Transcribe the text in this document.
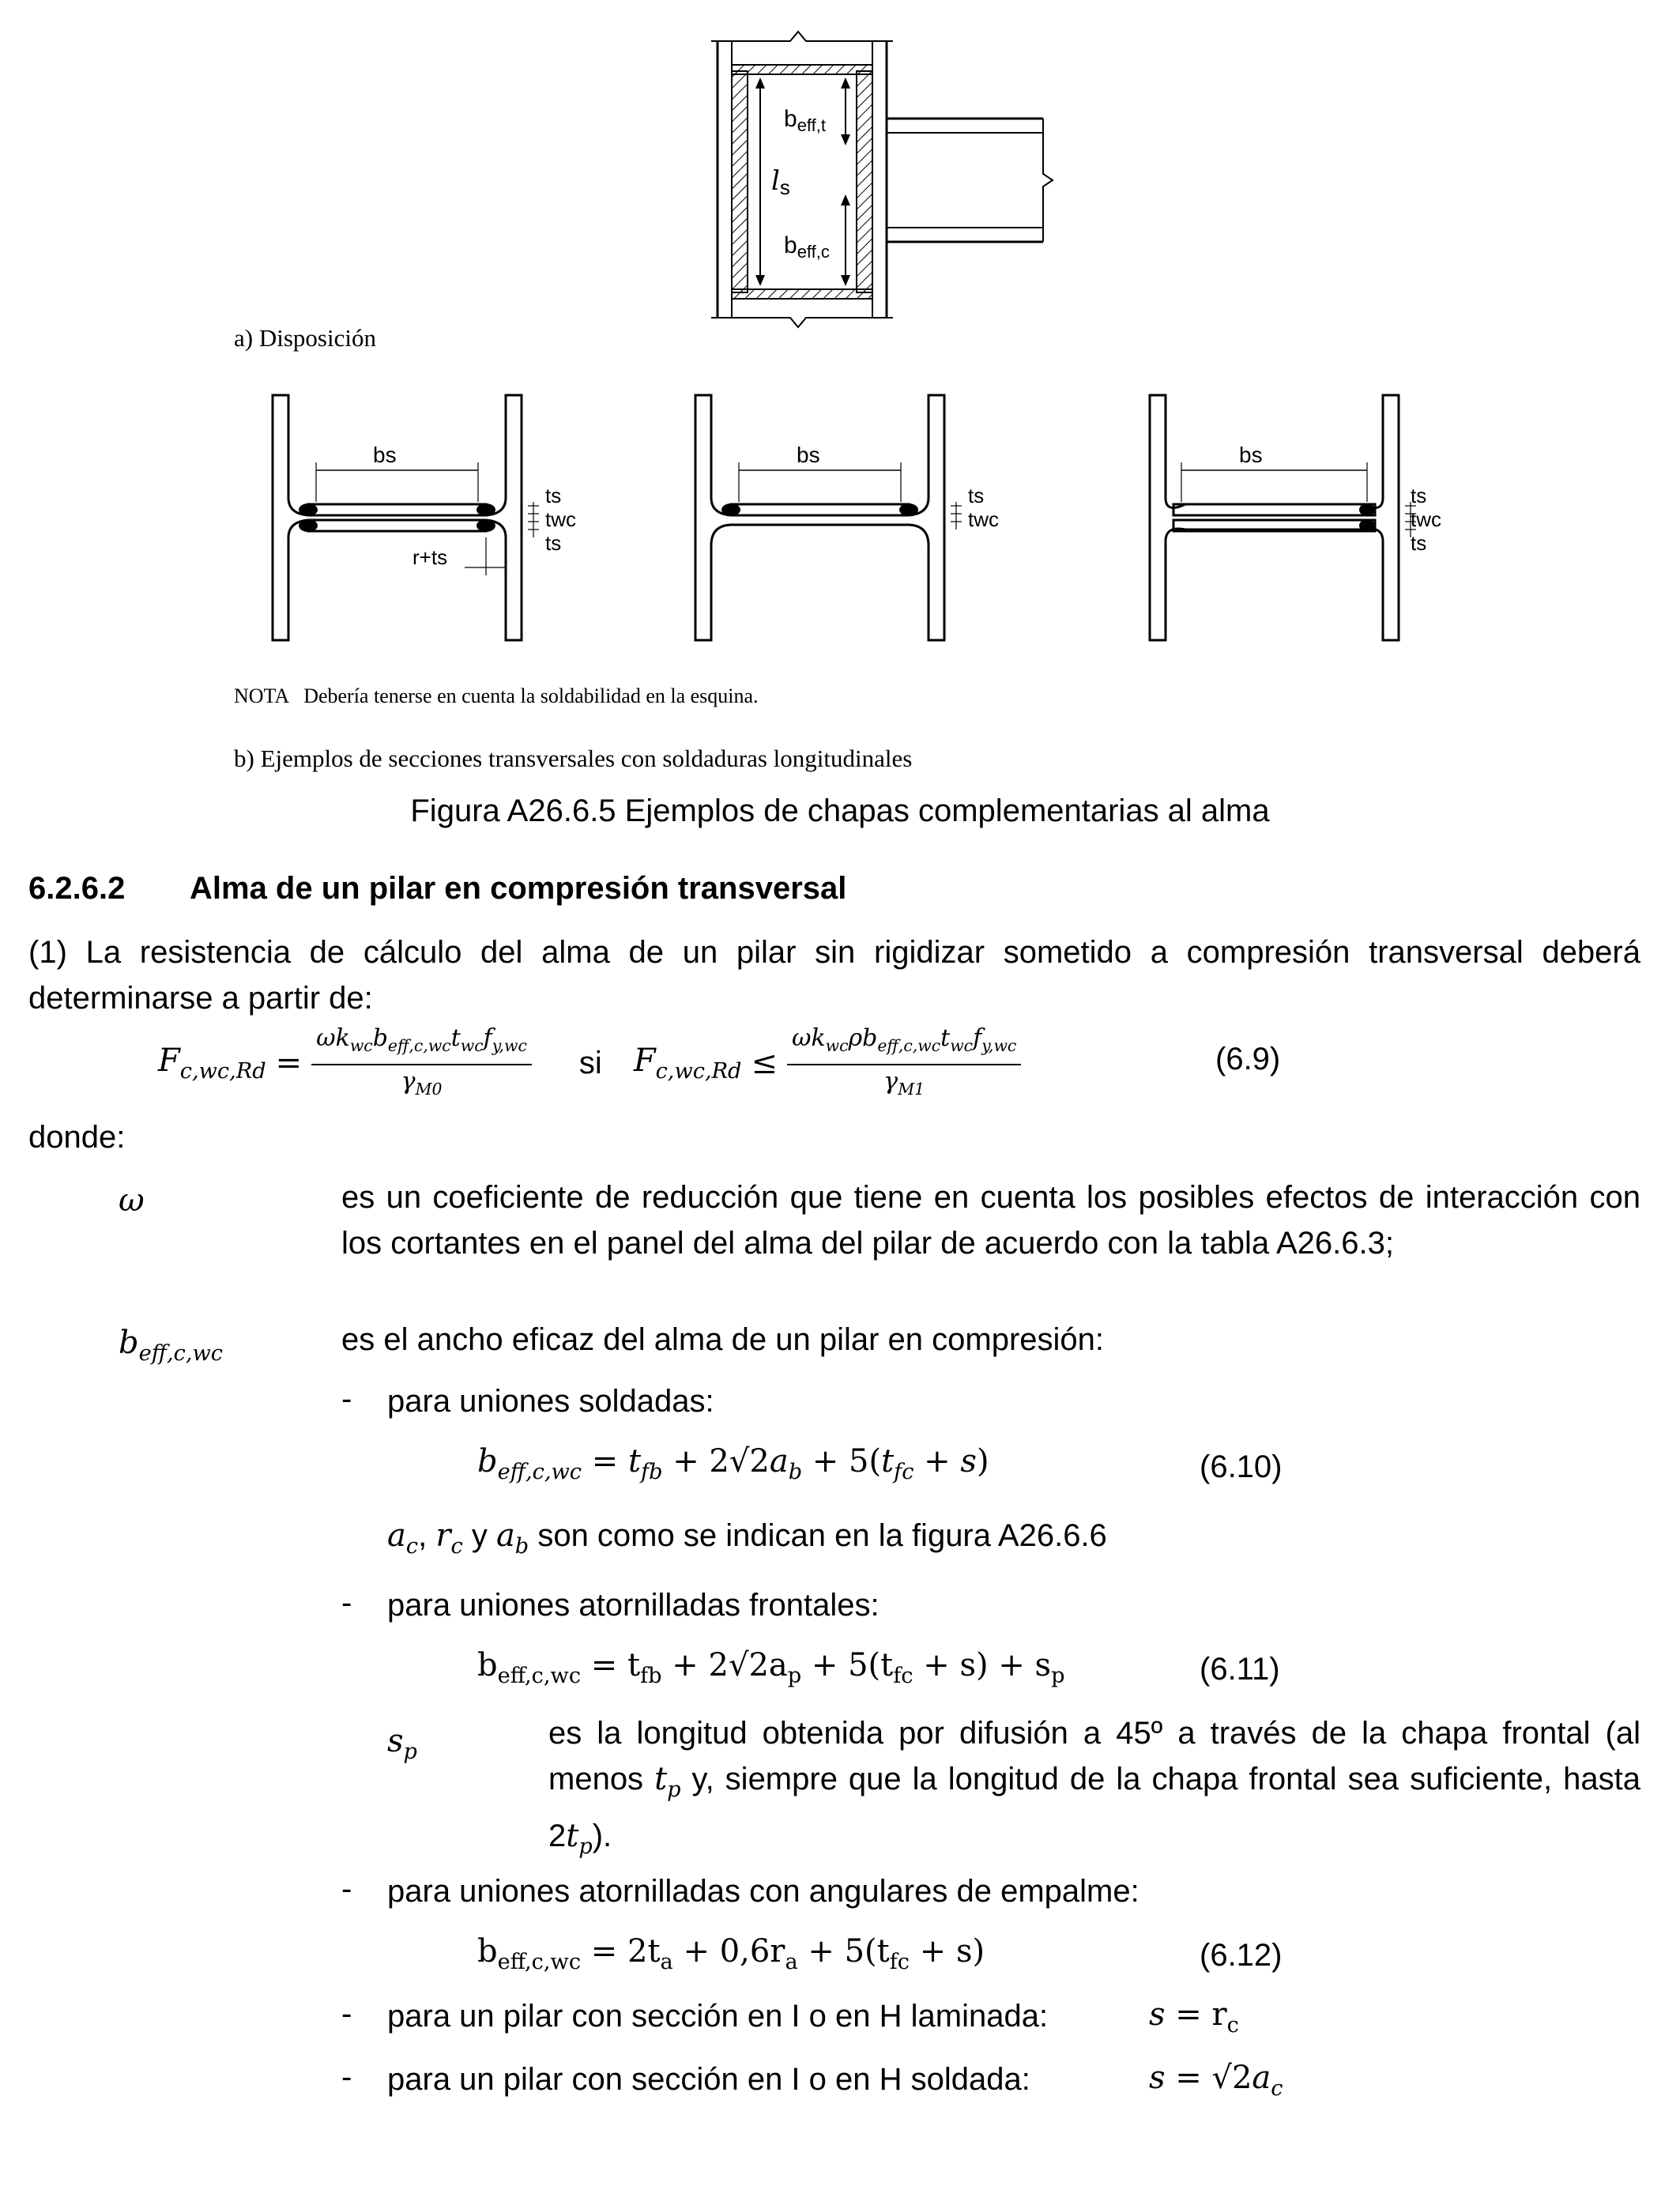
$b_{eff,t}$
ls
$b_{eff,c}$
a) Disposición
bs
ts
twc
ts
r+ts
bs
ts
twc
bs
ts
twc
ts
NOTA   Debería tenerse en cuenta la soldabilidad en la esquina.
b) Ejemplos de secciones transversales con soldaduras longitudinales
Figura A26.6.5 Ejemplos de chapas complementarias al alma
6.2.6.2 Alma de un pilar en compresión transversal
(1) La resistencia de cálculo del alma de un pilar sin rigidizar sometido a compresión transversal deberá determinarse a partir de:
$F_{c,wc,Rd} = \frac{\omega k_{wc}b_{eff,c,wc}t_{wc}f_{y,wc}}{\gamma_{M0}}$ si $F_{c,wc,Rd} \le \frac{\omega k_{wc}\rho b_{eff,c,wc}t_{wc}f_{y,wc}}{\gamma_{M1}}$	(6.9)
donde:
ω	es un coeficiente de reducción que tiene en cuenta los posibles efectos de interacción con los cortantes en el panel del alma del pilar de acuerdo con la tabla A26.6.3;
$b_{eff,c,wc}$	es el ancho eficaz del alma de un pilar en compresión:
- para uniones soldadas:
$b_{eff,c,wc} = t_{fb} + 2√2a_b + 5(t_{fc} + s)$	(6.10)
$a_c$, $r_c$ y $a_b$ son como se indican en la figura A26.6.6
- para uniones atornilladas frontales:
$b_{eff,c,wc} = t_{fb} + 2√2a_p + 5(t_{fc} + s) + s_p$	(6.11)
$s_p$
es la longitud obtenida por difusión a 45º a través de la chapa frontal (al menos $t_p$ y, siempre que la longitud de la chapa frontal sea suficiente, hasta $2t_p$).
- para uniones atornilladas con angulares de empalme:
$b_{eff,c,wc} = 2t_a + 0,6r_a + 5(t_{fc} + s)$	(6.12)
- para un pilar con sección en I o en H laminada:	$s = r_c$
- para un pilar con sección en I o en H soldada:	$s = √2a_c$
